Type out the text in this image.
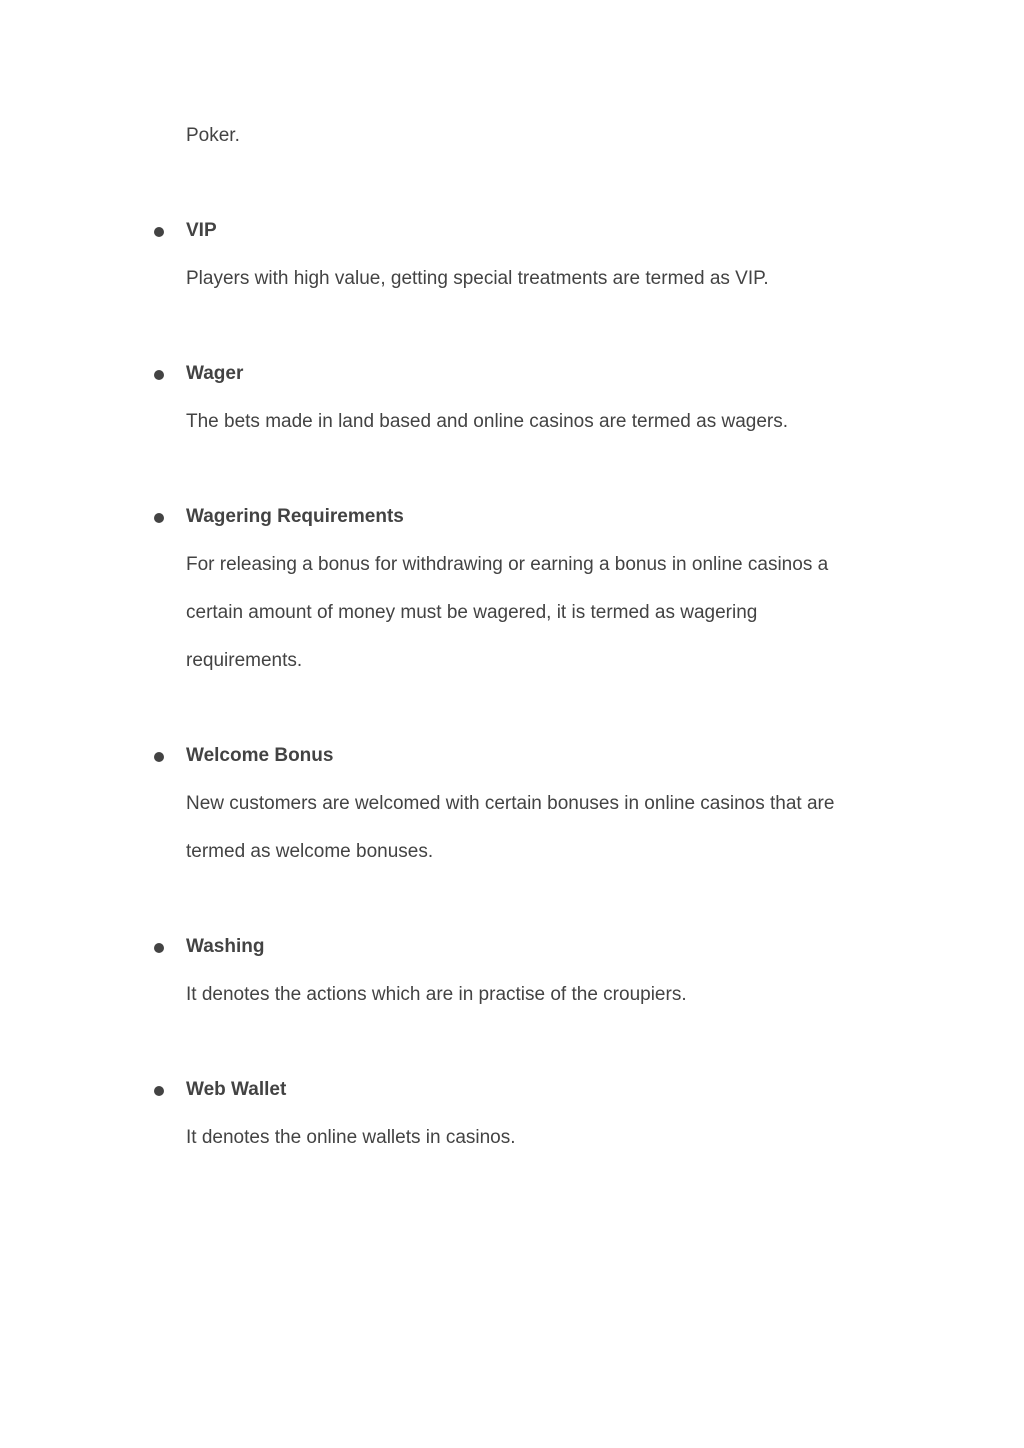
Poker.
VIP
Players with high value, getting special treatments are termed as VIP.
Wager
The bets made in land based and online casinos are termed as wagers.
Wagering Requirements
For releasing a bonus for withdrawing or earning a bonus in online casinos a
certain amount of money must be wagered, it is termed as wagering
requirements.
Welcome Bonus
New customers are welcomed with certain bonuses in online casinos that are
termed as welcome bonuses.
Washing
It denotes the actions which are in practise of the croupiers.
Web Wallet
It denotes the online wallets in casinos.
